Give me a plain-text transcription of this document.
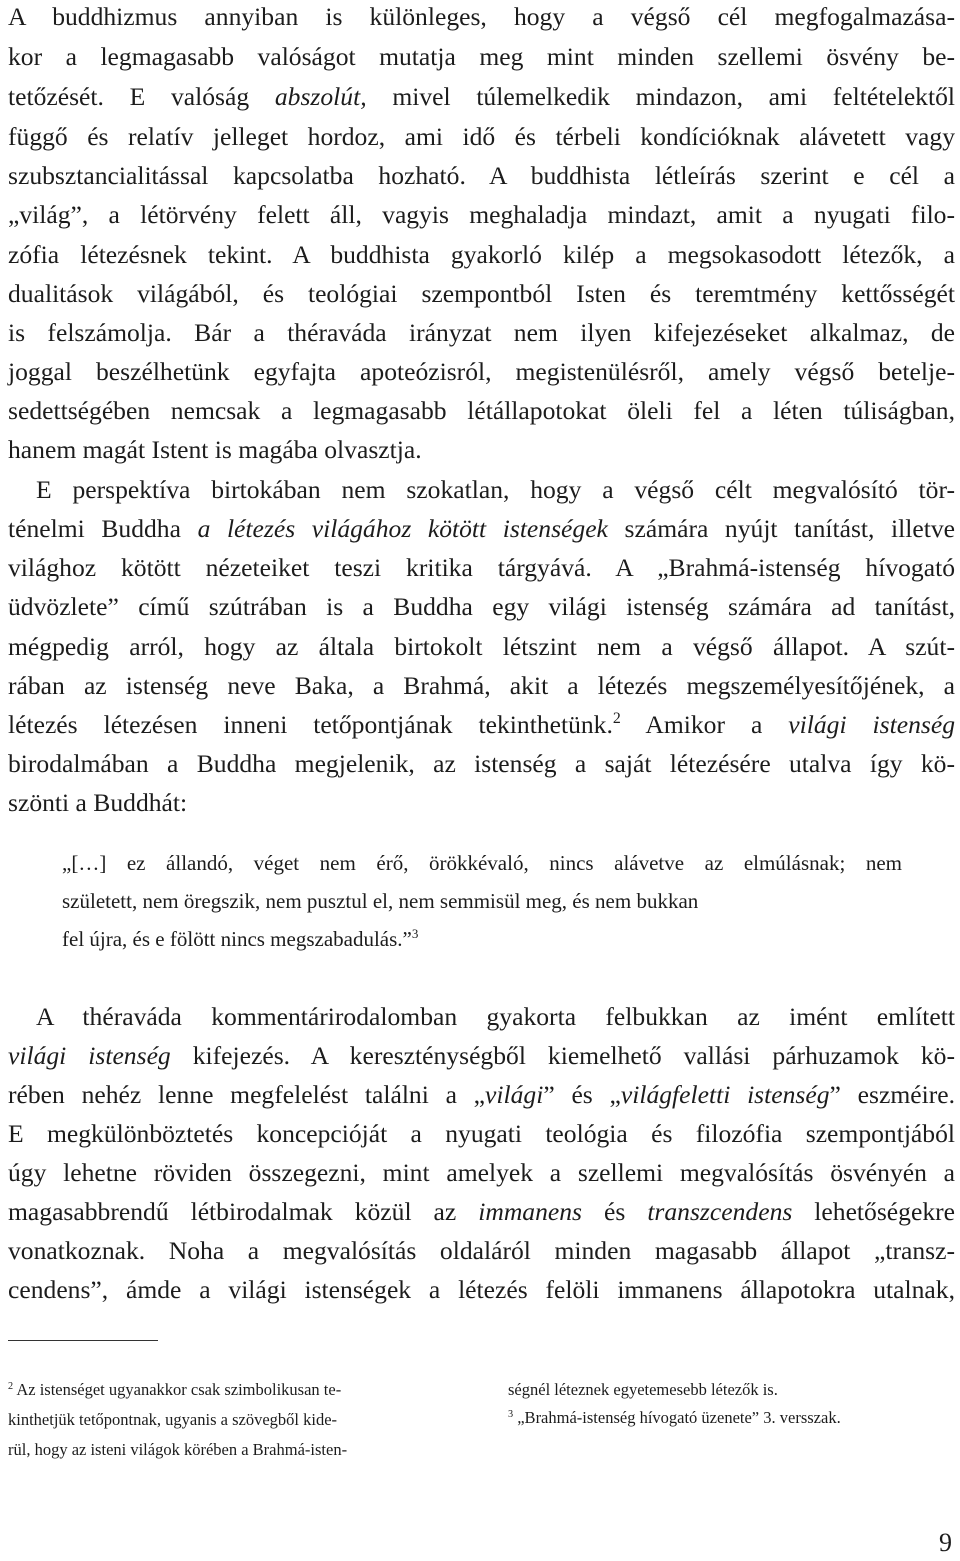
A buddhizmus annyiban is különleges, hogy a végső cél megfogalmazása-
kor a legmagasabb valóságot mutatja meg mint minden szellemi ösvény be-
tetőzését. E valóság abszolút, mivel túlemelkedik mindazon, ami feltételektől
függő és relatív jelleget hordoz, ami idő és térbeli kondícióknak alávetett vagy
szubsztancialitással kapcsolatba hozható. A buddhista létleírás szerint e cél a
„világ”, a létörvény felett áll, vagyis meghaladja mindazt, amit a nyugati filo-
zófia létezésnek tekint. A buddhista gyakorló kilép a megsokasodott létezők, a
dualitások világából, és teológiai szempontból Isten és teremtmény kettősségét
is felszámolja. Bár a théraváda irányzat nem ilyen kifejezéseket alkalmaz, de
joggal beszélhetünk egyfajta apoteózisról, megistenülésről, amely végső betelje-
sedettségében nemcsak a legmagasabb létállapotokat öleli fel a léten túliságban,
hanem magát Istent is magába olvasztja.
E perspektíva birtokában nem szokatlan, hogy a végső célt megvalósító tör-
ténelmi Buddha a létezés világához kötött istenségek számára nyújt tanítást, illetve
világhoz kötött nézeteiket teszi kritika tárgyává. A „Brahmá-istenség hívogató
üdvözlete” című szútrában is a Buddha egy világi istenség számára ad tanítást,
mégpedig arról, hogy az általa birtokolt létszint nem a végső állapot. A szút-
rában az istenség neve Baka, a Brahmá, akit a létezés megszemélyesítőjének, a
létezés létezésen inneni tetőpontjának tekinthetünk.$^2$ Amikor a világi istenség
birodalmában a Buddha megjelenik, az istenség a saját létezésére utalva így kö-
szönti a Buddhát:
„[…] ez állandó, véget nem érő, örökkévaló, nincs alávetve az elmúlásnak; nem
született, nem öregszik, nem pusztul el, nem semmisül meg, és nem bukkan
fel újra, és e fölött nincs megszabadulás.”$^3$
A théraváda kommentárirodalomban gyakorta felbukkan az imént említett
világi istenség kifejezés. A kereszténységből kiemelhető vallási párhuzamok kö-
rében nehéz lenne megfelelést találni a „világi” és „világfeletti istenség” eszméire.
E megkülönböztetés koncepcióját a nyugati teológia és filozófia szempontjából
úgy lehetne röviden összegezni, mint amelyek a szellemi megvalósítás ösvényén a
magasabbrendű létbirodalmak közül az immanens és transzcendens lehetőségekre
vonatkoznak. Noha a megvalósítás oldaláról minden magasabb állapot „transz-
cendens”, ámde a világi istenségek a létezés felöli immanens állapotokra utalnak,
$^2$ Az istenséget ugyanakkor csak szimbolikusan te-
kinthetjük tetőpontnak, ugyanis a szövegből kide-
rül, hogy az isteni világok körében a Brahmá-isten-
ségnél léteznek egyetemesebb létezők is.
$^3$ „Brahmá-istenség hívogató üzenete” 3. versszak.
9
